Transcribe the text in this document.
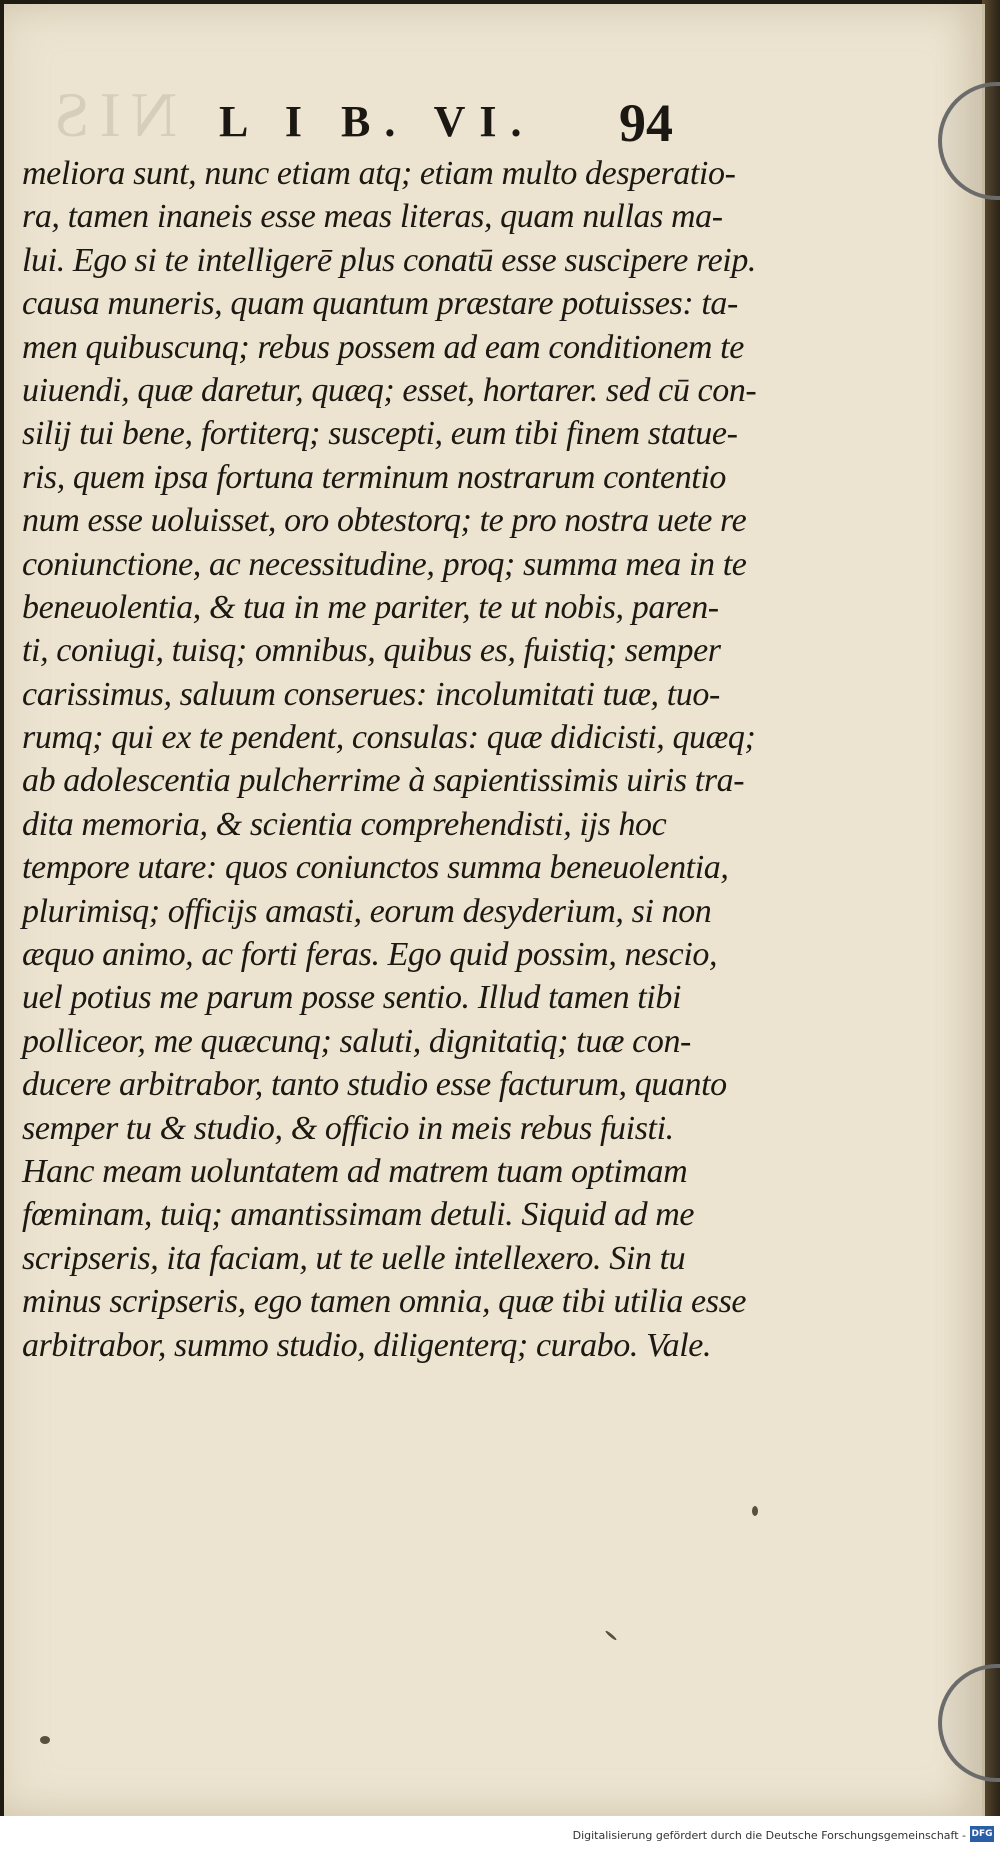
NIS L I B. VI. 94
meliora sunt, nunc etiam atq; etiam multo desperatio-
ra, tamen inaneis esse meas literas, quam nullas ma-
lui. Ego si te intelligerē plus conatū esse suscipere reip.
causa muneris, quam quantum præstare potuisses: ta-
men quibuscunq; rebus possem ad eam conditionem te
uiuendi, quæ daretur, quæq; esset, hortarer. sed cū con-
silij tui bene, fortiterq; suscepti, eum tibi finem statue-
ris, quem ipsa fortuna terminum nostrarum contentio
num esse uoluisset, oro obtestorq; te pro nostra uete re
coniunctione, ac necessitudine, proq; summa mea in te
beneuolentia, & tua in me pariter, te ut nobis, paren-
ti, coniugi, tuisq; omnibus, quibus es, fuistiq; semper
carissimus, saluum conserues: incolumitati tuæ, tuo-
rumq; qui ex te pendent, consulas: quæ didicisti, quæq;
ab adolescentia pulcherrime à sapientissimis uiris tra-
dita memoria, & scientia comprehendisti, ijs hoc
tempore utare: quos coniunctos summa beneuolentia,
plurimisq; officijs amasti, eorum desyderium, si non
æquo animo, ac forti feras. Ego quid possim, nescio,
uel potius me parum posse sentio. Illud tamen tibi
polliceor, me quæcunq; saluti, dignitatiq; tuæ con-
ducere arbitrabor, tanto studio esse facturum, quanto
semper tu & studio, & officio in meis rebus fuisti.
Hanc meam uoluntatem ad matrem tuam optimam
fœminam, tuiq; amantissimam detuli. Siquid ad me
scripseris, ita faciam, ut te uelle intellexero. Sin tu
minus scripseris, ego tamen omnia, quæ tibi utilia esse
arbitrabor, summo studio, diligenterq; curabo. Vale.
Digitalisierung gefördert durch die Deutsche Forschungsgemeinschaft - DFG
